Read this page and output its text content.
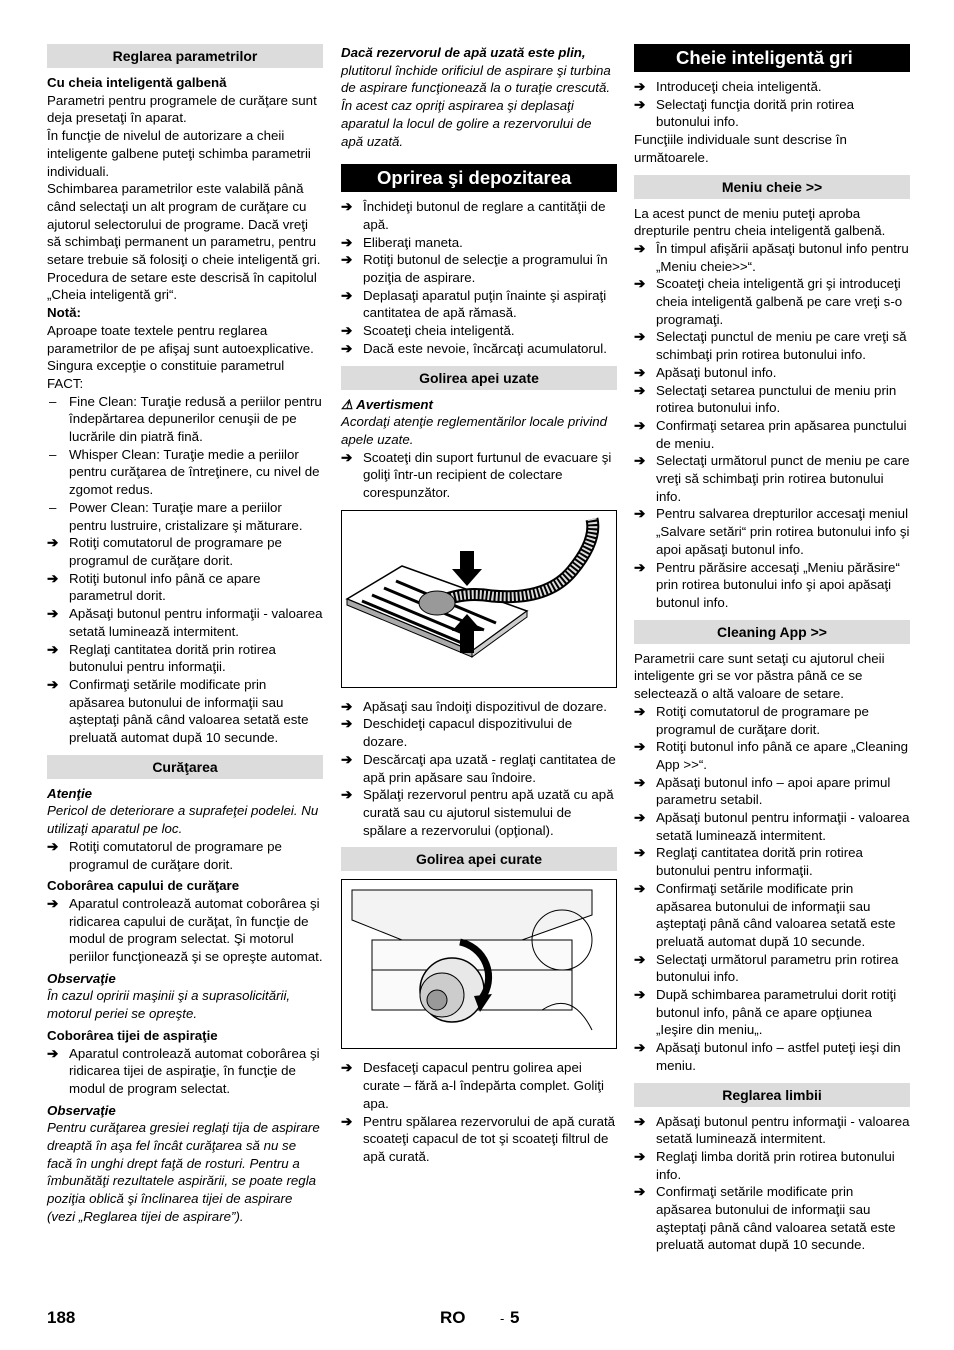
Reglarea parametrilor

Cu cheia inteligentă galbenă

Parametri pentru programele de curăţare sunt deja presetaţi în aparat.

În funcţie de nivelul de autorizare a cheii inteligente galbene puteţi schimba parametrii individuali.

Schimbarea parametrilor este valabilă până când selectaţi un alt program de curăţare cu ajutorul selectorului de programe. Dacă vreţi să schimbaţi permanent un parametru, pentru setare trebuie să folosiţi o cheie inteligentă gri. Procedura de setare este descrisă în capitolul „Cheia inteligentă gri“.

Notă:

Aproape toate textele pentru reglarea parametrilor de pe afişaj sunt autoexplicative. Singura excepţie o constituie parametrul FACT:

– Fine Clean: Turaţie redusă a periilor pentru îndepărtarea depunerilor cenuşii de pe lucrările din piatră fină.
– Whisper Clean: Turaţie medie a periilor pentru curăţarea de întreţinere, cu nivel de zgomot redus.
– Power Clean: Turaţie mare a periilor pentru lustruire, cristalizare şi măturare.
➔ Rotiţi comutatorul de programare pe programul de curăţare dorit.
➔ Rotiţi butonul info până ce apare parametrul dorit.
➔ Apăsaţi butonul pentru informaţii - valoarea setată luminează intermitent.
➔ Reglaţi cantitatea dorită prin rotirea butonului pentru informaţii.
➔ Confirmaţi setările modificate prin apăsarea butonului de informaţii sau aşteptaţi până când valoarea setată este preluată automat după 10 secunde.
Curăţarea

Atenţie

Pericol de deteriorare a suprafeţei podelei. Nu utilizaţi aparatul pe loc.

➔ Rotiţi comutatorul de programare pe programul de curăţare dorit.

Coborârea capului de curăţare

➔ Aparatul controlează automat coborârea şi ridicarea capului de curăţat, în funcţie de modul de program selectat. Şi motorul periilor funcţionează şi se opreşte automat.

Observaţie

În cazul opririi maşinii şi a suprasolicitării, motorul periei se opreşte.

Coborârea tijei de aspiraţie

➔ Aparatul controlează automat coborârea şi ridicarea tijei de aspiraţie, în funcţie de modul de program selectat.

Observaţie

Pentru curăţarea gresiei reglaţi tija de aspirare dreaptă în aşa fel încât curăţarea să nu se facă în unghi drept faţă de rosturi. Pentru a îmbunătăţi rezultatele aspirării, se poate regla poziţia oblică şi înclinarea tijei de aspirare (vezi „Reglarea tijei de aspirare”).

Dacă rezervorul de apă uzată este plin, plutitorul închide orificiul de aspirare şi turbina de aspirare funcţionează la o turaţie crescută. În acest caz opriţi aspirarea şi deplasaţi aparatul la locul de golire a rezervorului de apă uzată.

Oprirea şi depozitarea
➔ Închideţi butonul de reglare a cantităţii de apă.
➔ Eliberaţi maneta.
➔ Rotiţi butonul de selecţie a programului în poziţia de aspirare.
➔ Deplasaţi aparatul puţin înainte şi aspiraţi cantitatea de apă rămasă.
➔ Scoateţi cheia inteligentă.
➔ Dacă este nevoie, încărcaţi acumulatorul.
Golirea apei uzate

⚠ Avertisment

Acordaţi atenţie reglementărilor locale privind apele uzate.

➔ Scoateţi din suport furtunul de evacuare şi goliţi într-un recipient de colectare corespunzător.
➔ Apăsaţi sau îndoiţi dispozitivul de dozare.
➔ Deschideţi capacul dispozitivului de dozare.
➔ Descărcaţi apa uzată - reglaţi cantitatea de apă prin apăsare sau îndoire.
➔ Spălaţi rezervorul pentru apă uzată cu apă curată sau cu ajutorul sistemului de spălare a rezervorului (opţional).
Golirea apei curate
➔ Desfaceţi capacul pentru golirea apei curate – fără a-l îndepărta complet. Goliţi apa.
➔ Pentru spălarea rezervorului de apă curată scoateţi capacul de tot şi scoateţi filtrul de apă curată.
Cheie inteligentă gri
➔ Introduceţi cheia inteligentă.
➔ Selectaţi funcţia dorită prin rotirea butonului info.

Funcţiile individuale sunt descrise în următoarele.

Meniu cheie >>

La acest punct de meniu puteţi aproba drepturile pentru cheia inteligentă galbenă.

➔ În timpul afişării apăsaţi butonul info pentru „Meniu cheie>>“.
➔ Scoateţi cheia inteligentă gri şi introduceţi cheia inteligentă galbenă pe care vreţi s-o programaţi.
➔ Selectaţi punctul de meniu pe care vreţi să schimbaţi prin rotirea butonului info.
➔ Apăsaţi butonul info.
➔ Selectaţi setarea punctului de meniu prin rotirea butonului info.
➔ Confirmaţi setarea prin apăsarea punctului de meniu.
➔ Selectaţi următorul punct de meniu pe care vreţi să schimbaţi prin rotirea butonului info.
➔ Pentru salvarea drepturilor accesaţi meniul „Salvare setări“ prin rotirea butonului info şi apoi apăsaţi butonul info.
➔ Pentru părăsire accesaţi „Meniu părăsire“ prin rotirea butonului info şi apoi apăsaţi butonul info.
Cleaning App >>

Parametrii care sunt setaţi cu ajutorul cheii inteligente gri se vor păstra până ce se selectează o altă valoare de setare.

➔ Rotiţi comutatorul de programare pe programul de curăţare dorit.
➔ Rotiţi butonul info până ce apare „Cleaning App >>“.
➔ Apăsaţi butonul info – apoi apare primul parametru setabil.
➔ Apăsaţi butonul pentru informaţii - valoarea setată luminează intermitent.
➔ Reglaţi cantitatea dorită prin rotirea butonului pentru informaţii.
➔ Confirmaţi setările modificate prin apăsarea butonului de informaţii sau aşteptaţi până când valoarea setată este preluată automat după 10 secunde.
➔ Selectaţi următorul parametru prin rotirea butonului info.
➔ După schimbarea parametrului dorit rotiţi butonul info, până ce apare opţiunea „Ieşire din meniu„.
➔ Apăsaţi butonul info – astfel puteţi ieşi din meniu.
Reglarea limbii
➔ Apăsaţi butonul pentru informaţii - valoarea setată luminează intermitent.
➔ Reglaţi limba dorită prin rotirea butonului info.
➔ Confirmaţi setările modificate prin apăsarea butonului de informaţii sau aşteptaţi până când valoarea setată este preluată automat după 10 secunde.
188	RO	- 5
